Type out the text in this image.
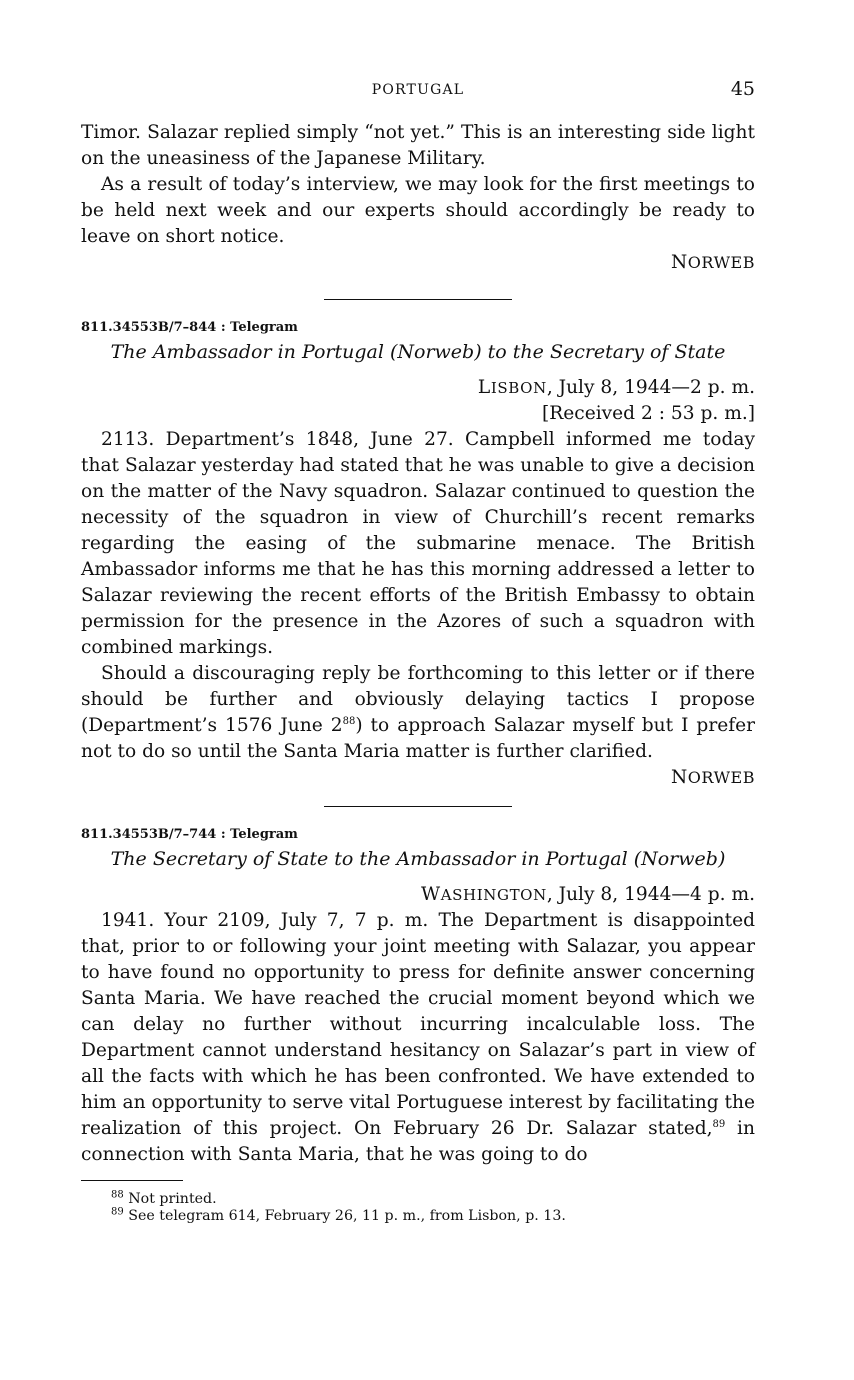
PORTUGAL	45

Timor. Salazar replied simply “not yet.” This is an interesting side light on the uneasiness of the Japanese Military.

As a result of today’s interview, we may look for the first meetings to be held next week and our experts should accordingly be ready to leave on short notice.

NORWEB
811.34553B/7–844 : Telegram
The Ambassador in Portugal (Norweb) to the Secretary of State
LISBON, July 8, 1944—2 p. m.
[Received 2 : 53 p. m.]

2113. Department’s 1848, June 27. Campbell informed me today that Salazar yesterday had stated that he was unable to give a decision on the matter of the Navy squadron. Salazar continued to question the necessity of the squadron in view of Churchill’s recent remarks regarding the easing of the submarine menace. The British Ambassador informs me that he has this morning addressed a letter to Salazar reviewing the recent efforts of the British Embassy to obtain permission for the presence in the Azores of such a squadron with combined markings.

Should a discouraging reply be forthcoming to this letter or if there should be further and obviously delaying tactics I propose (Department’s 1576 June $2^{88}$) to approach Salazar myself but I prefer not to do so until the Santa Maria matter is further clarified.

NORWEB
811.34553B/7–744 : Telegram
The Secretary of State to the Ambassador in Portugal (Norweb)
WASHINGTON, July 8, 1944—4 p. m.

1941. Your 2109, July 7, 7 p. m. The Department is disappointed that, prior to or following your joint meeting with Salazar, you appear to have found no opportunity to press for definite answer concerning Santa Maria. We have reached the crucial moment beyond which we can delay no further without incurring incalculable loss. The Department cannot understand hesitancy on Salazar’s part in view of all the facts with which he has been confronted. We have extended to him an opportunity to serve vital Portuguese interest by facilitating the realization of this project. On February 26 Dr. Salazar stated,$^{89}$ in connection with Santa Maria, that he was going to do

$^{88}$ Not printed.

$^{89}$ See telegram 614, February 26, 11 p. m., from Lisbon, p. 13.
